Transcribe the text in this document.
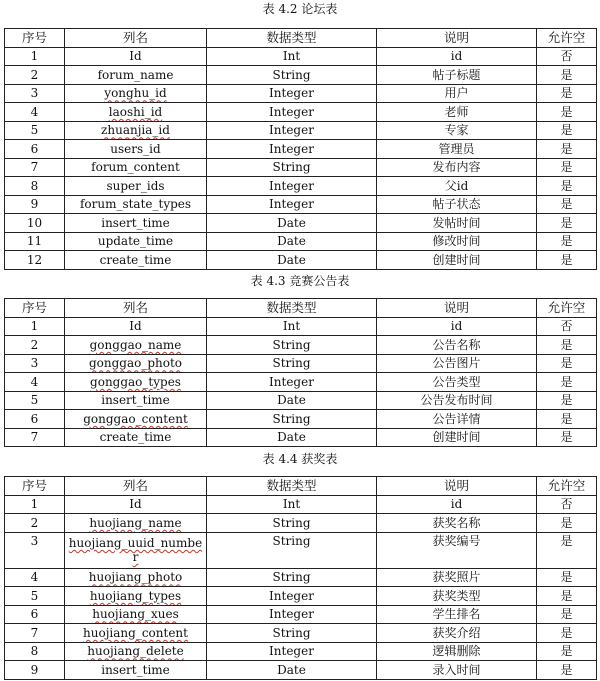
表 4.2 论坛表
序号	列名	数据类型	说明	允许空
1	Id	Int	id	否
2	forum_name	String	帖子标题	是
3	yonghu_id	Integer	用户	是
4	laoshi_id	Integer	老师	是
5	zhuanjia_id	Integer	专家	是
6	users_id	Integer	管理员	是
7	forum_content	String	发布内容	是
8	super_ids	Integer	父id	是
9	forum_state_types	Integer	帖子状态	是
10	insert_time	Date	发帖时间	是
11	update_time	Date	修改时间	是
12	create_time	Date	创建时间	是
表 4.3 竞赛公告表
序号	列名	数据类型	说明	允许空
1	Id	Int	id	否
2	gonggao_name	String	公告名称	是
3	gonggao_photo	String	公告图片	是
4	gonggao_types	Integer	公告类型	是
5	insert_time	Date	公告发布时间	是
6	gonggao_content	String	公告详情	是
7	create_time	Date	创建时间	是
表 4.4 获奖表
序号	列名	数据类型	说明	允许空
1	Id	Int	id	否
2	huojiang_name	String	获奖名称	是
3	huojiang_uuid_number	String	获奖编号	是
4	huojiang_photo	String	获奖照片	是
5	huojiang_types	Integer	获奖类型	是
6	huojiang_xues	Integer	学生排名	是
7	huojiang_content	String	获奖介绍	是
8	huojiang_delete	Integer	逻辑删除	是
9	insert_time	Date	录入时间	是
